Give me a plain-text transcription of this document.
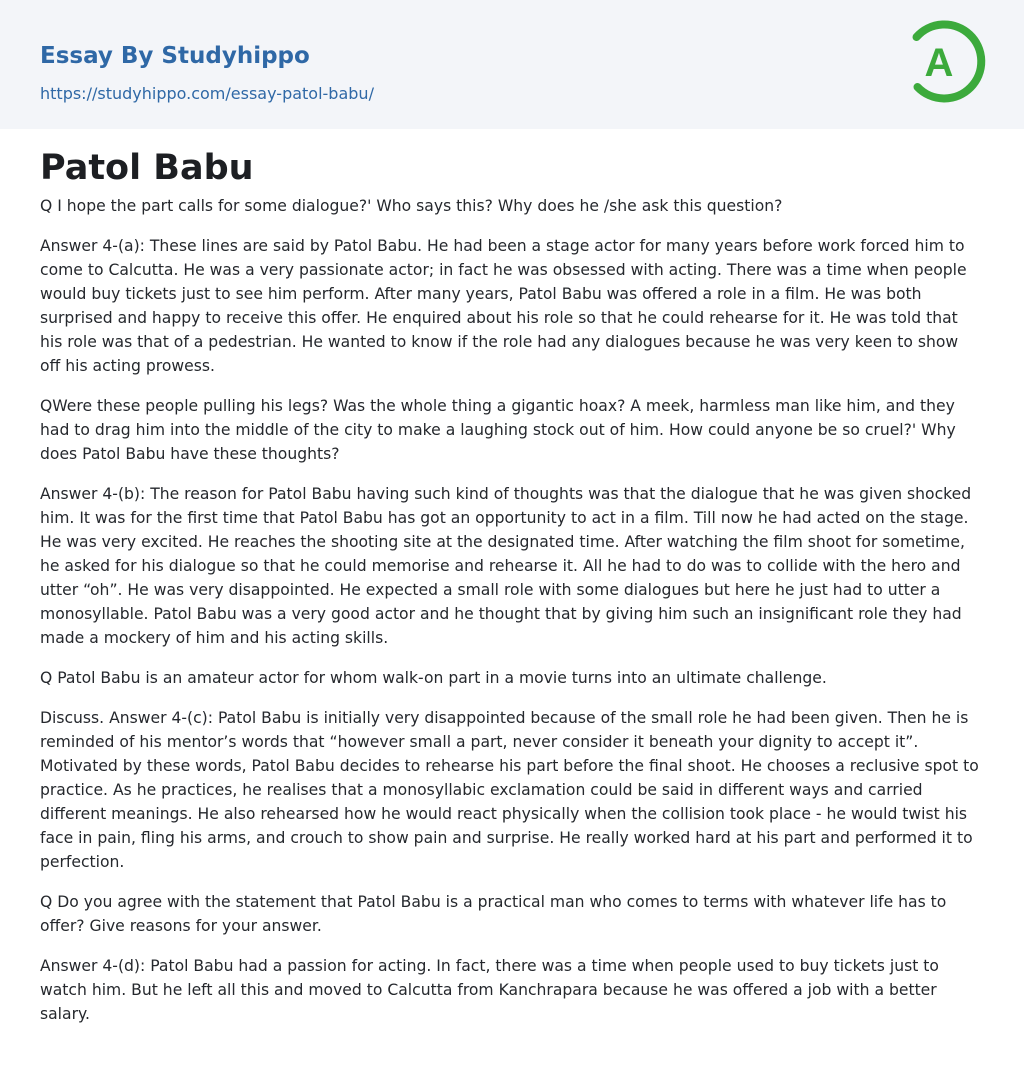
Essay By Studyhippo
https://studyhippo.com/essay-patol-babu/
A
Patol Babu

Q I hope the part calls for some dialogue?' Who says this? Why does he /she ask this question?

Answer 4-(a): These lines are said by Patol Babu. He had been a stage actor for many years before work forced him to come to Calcutta. He was a very passionate actor; in fact he was obsessed with acting. There was a time when people would buy tickets just to see him perform. After many years, Patol Babu was offered a role in a film. He was both surprised and happy to receive this offer. He enquired about his role so that he could rehearse for it. He was told that his role was that of a pedestrian. He wanted to know if the role had any dialogues because he was very keen to show off his acting prowess.

QWere these people pulling his legs? Was the whole thing a gigantic hoax? A meek, harmless man like him, and they had to drag him into the middle of the city to make a laughing stock out of him. How could anyone be so cruel?' Why does Patol Babu have these thoughts?

Answer 4-(b): The reason for Patol Babu having such kind of thoughts was that the dialogue that he was given shocked him. It was for the first time that Patol Babu has got an opportunity to act in a film. Till now he had acted on the stage. He was very excited. He reaches the shooting site at the designated time. After watching the film shoot for sometime, he asked for his dialogue so that he could memorise and rehearse it. All he had to do was to collide with the hero and utter “oh”. He was very disappointed. He expected a small role with some dialogues but here he just had to utter a monosyllable. Patol Babu was a very good actor and he thought that by giving him such an insignificant role they had made a mockery of him and his acting skills.

Q Patol Babu is an amateur actor for whom walk-on part in a movie turns into an ultimate challenge.

Discuss. Answer 4-(c): Patol Babu is initially very disappointed because of the small role he had been given. Then he is reminded of his mentor’s words that “however small a part, never consider it beneath your dignity to accept it”. Motivated by these words, Patol Babu decides to rehearse his part before the final shoot. He chooses a reclusive spot to practice. As he practices, he realises that a monosyllabic exclamation could be said in different ways and carried different meanings. He also rehearsed how he would react physically when the collision took place - he would twist his face in pain, fling his arms, and crouch to show pain and surprise. He really worked hard at his part and performed it to perfection.

Q Do you agree with the statement that Patol Babu is a practical man who comes to terms with whatever life has to offer? Give reasons for your answer.

Answer 4-(d): Patol Babu had a passion for acting. In fact, there was a time when people used to buy tickets just to watch him. But he left all this and moved to Calcutta from Kanchrapara because he was offered a job with a better salary.
